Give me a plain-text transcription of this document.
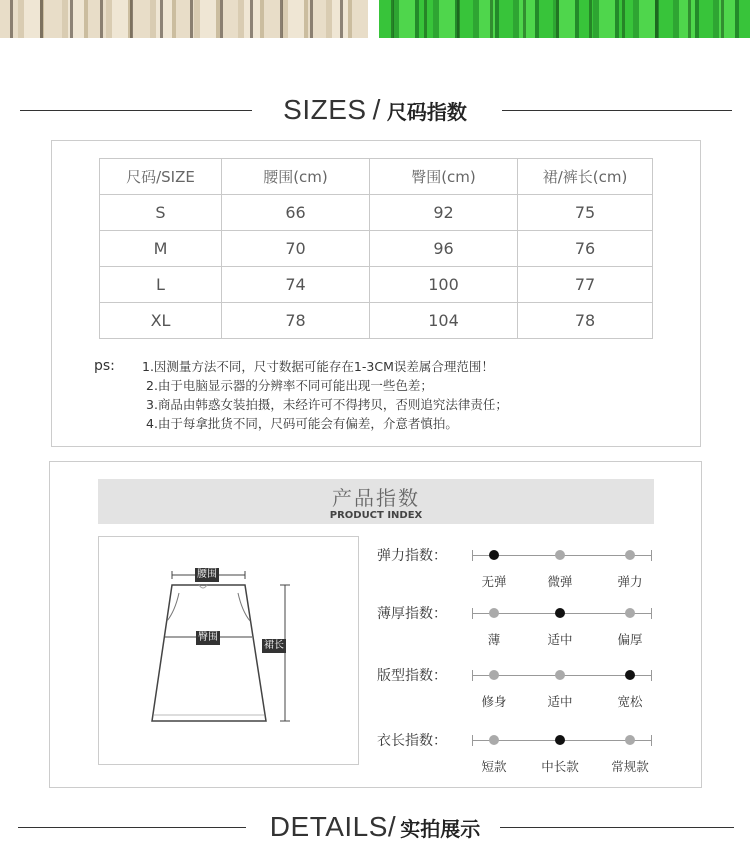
SIZES / 尺码指数
尺码/SIZE	腰围(cm)	臀围(cm)	裙/裤长(cm)
S	66	92	75
M	70	96	76
L	74	100	77
XL	78	104	78
ps: 1.因测量方法不同，尺寸数据可能存在1-3CM误差属合理范围！
2.由于电脑显示器的分辨率不同可能出现一些色差；
3.商品由韩惑女装拍摄，未经许可不得拷贝，否则追究法律责任；
4.由于每拿批货不同，尺码可能会有偏差，介意者慎拍。
产品指数
PRODUCT INDEX
腰围
臀围
裙长
弹力指数：
无弹	微弹	弹力
薄厚指数：
薄	适中	偏厚
版型指数：
修身	适中	宽松
衣长指数：
短款	中长款	常规款
DETAILS/ 实拍展示
